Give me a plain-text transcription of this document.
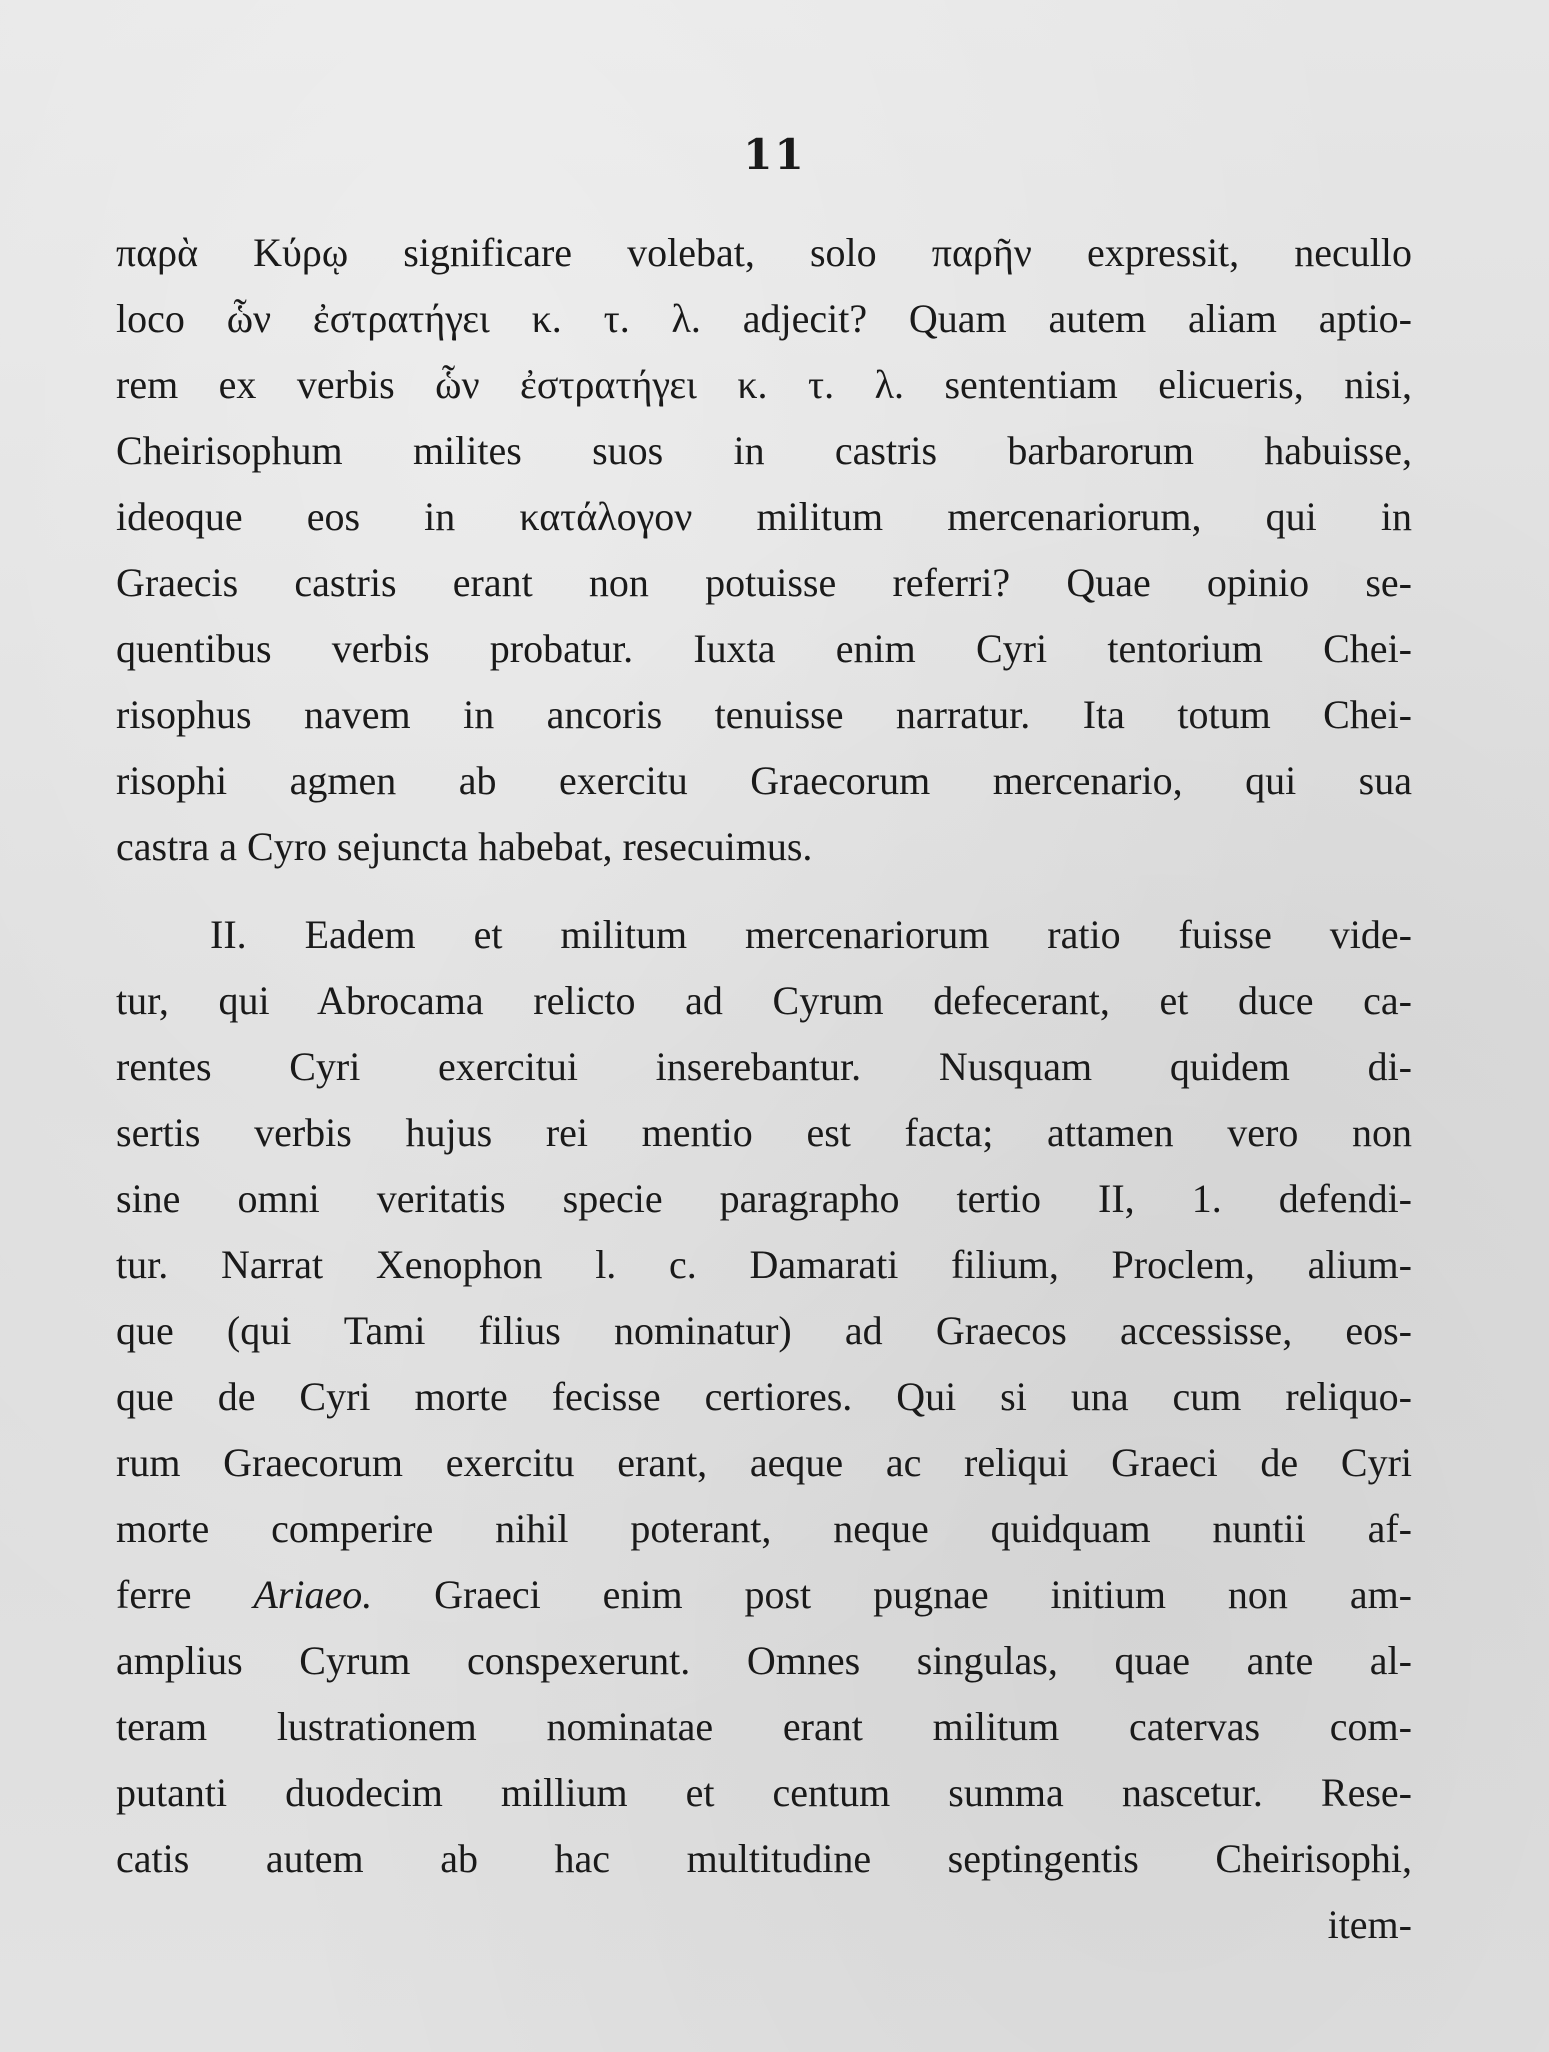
11
παρὰ Κύρῳ significare volebat, solo παρῆν expressit, necullo
loco ὧν ἐστρατήγει κ. τ. λ. adjecit? Quam autem aliam aptio-
rem ex verbis ὧν ἐστρατήγει κ. τ. λ. sententiam elicueris, nisi,
Cheirisophum milites suos in castris barbarorum habuisse,
ideoque eos in κατάλογον militum mercenariorum, qui in
Graecis castris erant non potuisse referri? Quae opinio se-
quentibus verbis probatur. Iuxta enim Cyri tentorium Chei-
risophus navem in ancoris tenuisse narratur. Ita totum Chei-
risophi agmen ab exercitu Graecorum mercenario, qui sua
castra a Cyro sejuncta habebat, resecuimus.
II. Eadem et militum mercenariorum ratio fuisse vide-
tur, qui Abrocama relicto ad Cyrum defecerant, et duce ca-
rentes Cyri exercitui inserebantur. Nusquam quidem di-
sertis verbis hujus rei mentio est facta; attamen vero non
sine omni veritatis specie paragrapho tertio II, 1. defendi-
tur. Narrat Xenophon l. c. Damarati filium, Proclem, alium-
que (qui Tami filius nominatur) ad Graecos accessisse, eos-
que de Cyri morte fecisse certiores. Qui si una cum reliquo-
rum Graecorum exercitu erant, aeque ac reliqui Graeci de Cyri
morte comperire nihil poterant, neque quidquam nuntii af-
ferre Ariaeo. Graeci enim post pugnae initium non am-
amplius Cyrum conspexerunt. Omnes singulas, quae ante al-
teram lustrationem nominatae erant militum catervas com-
putanti duodecim millium et centum summa nascetur. Rese-
catis autem ab hac multitudine septingentis Cheirisophi,
item-
